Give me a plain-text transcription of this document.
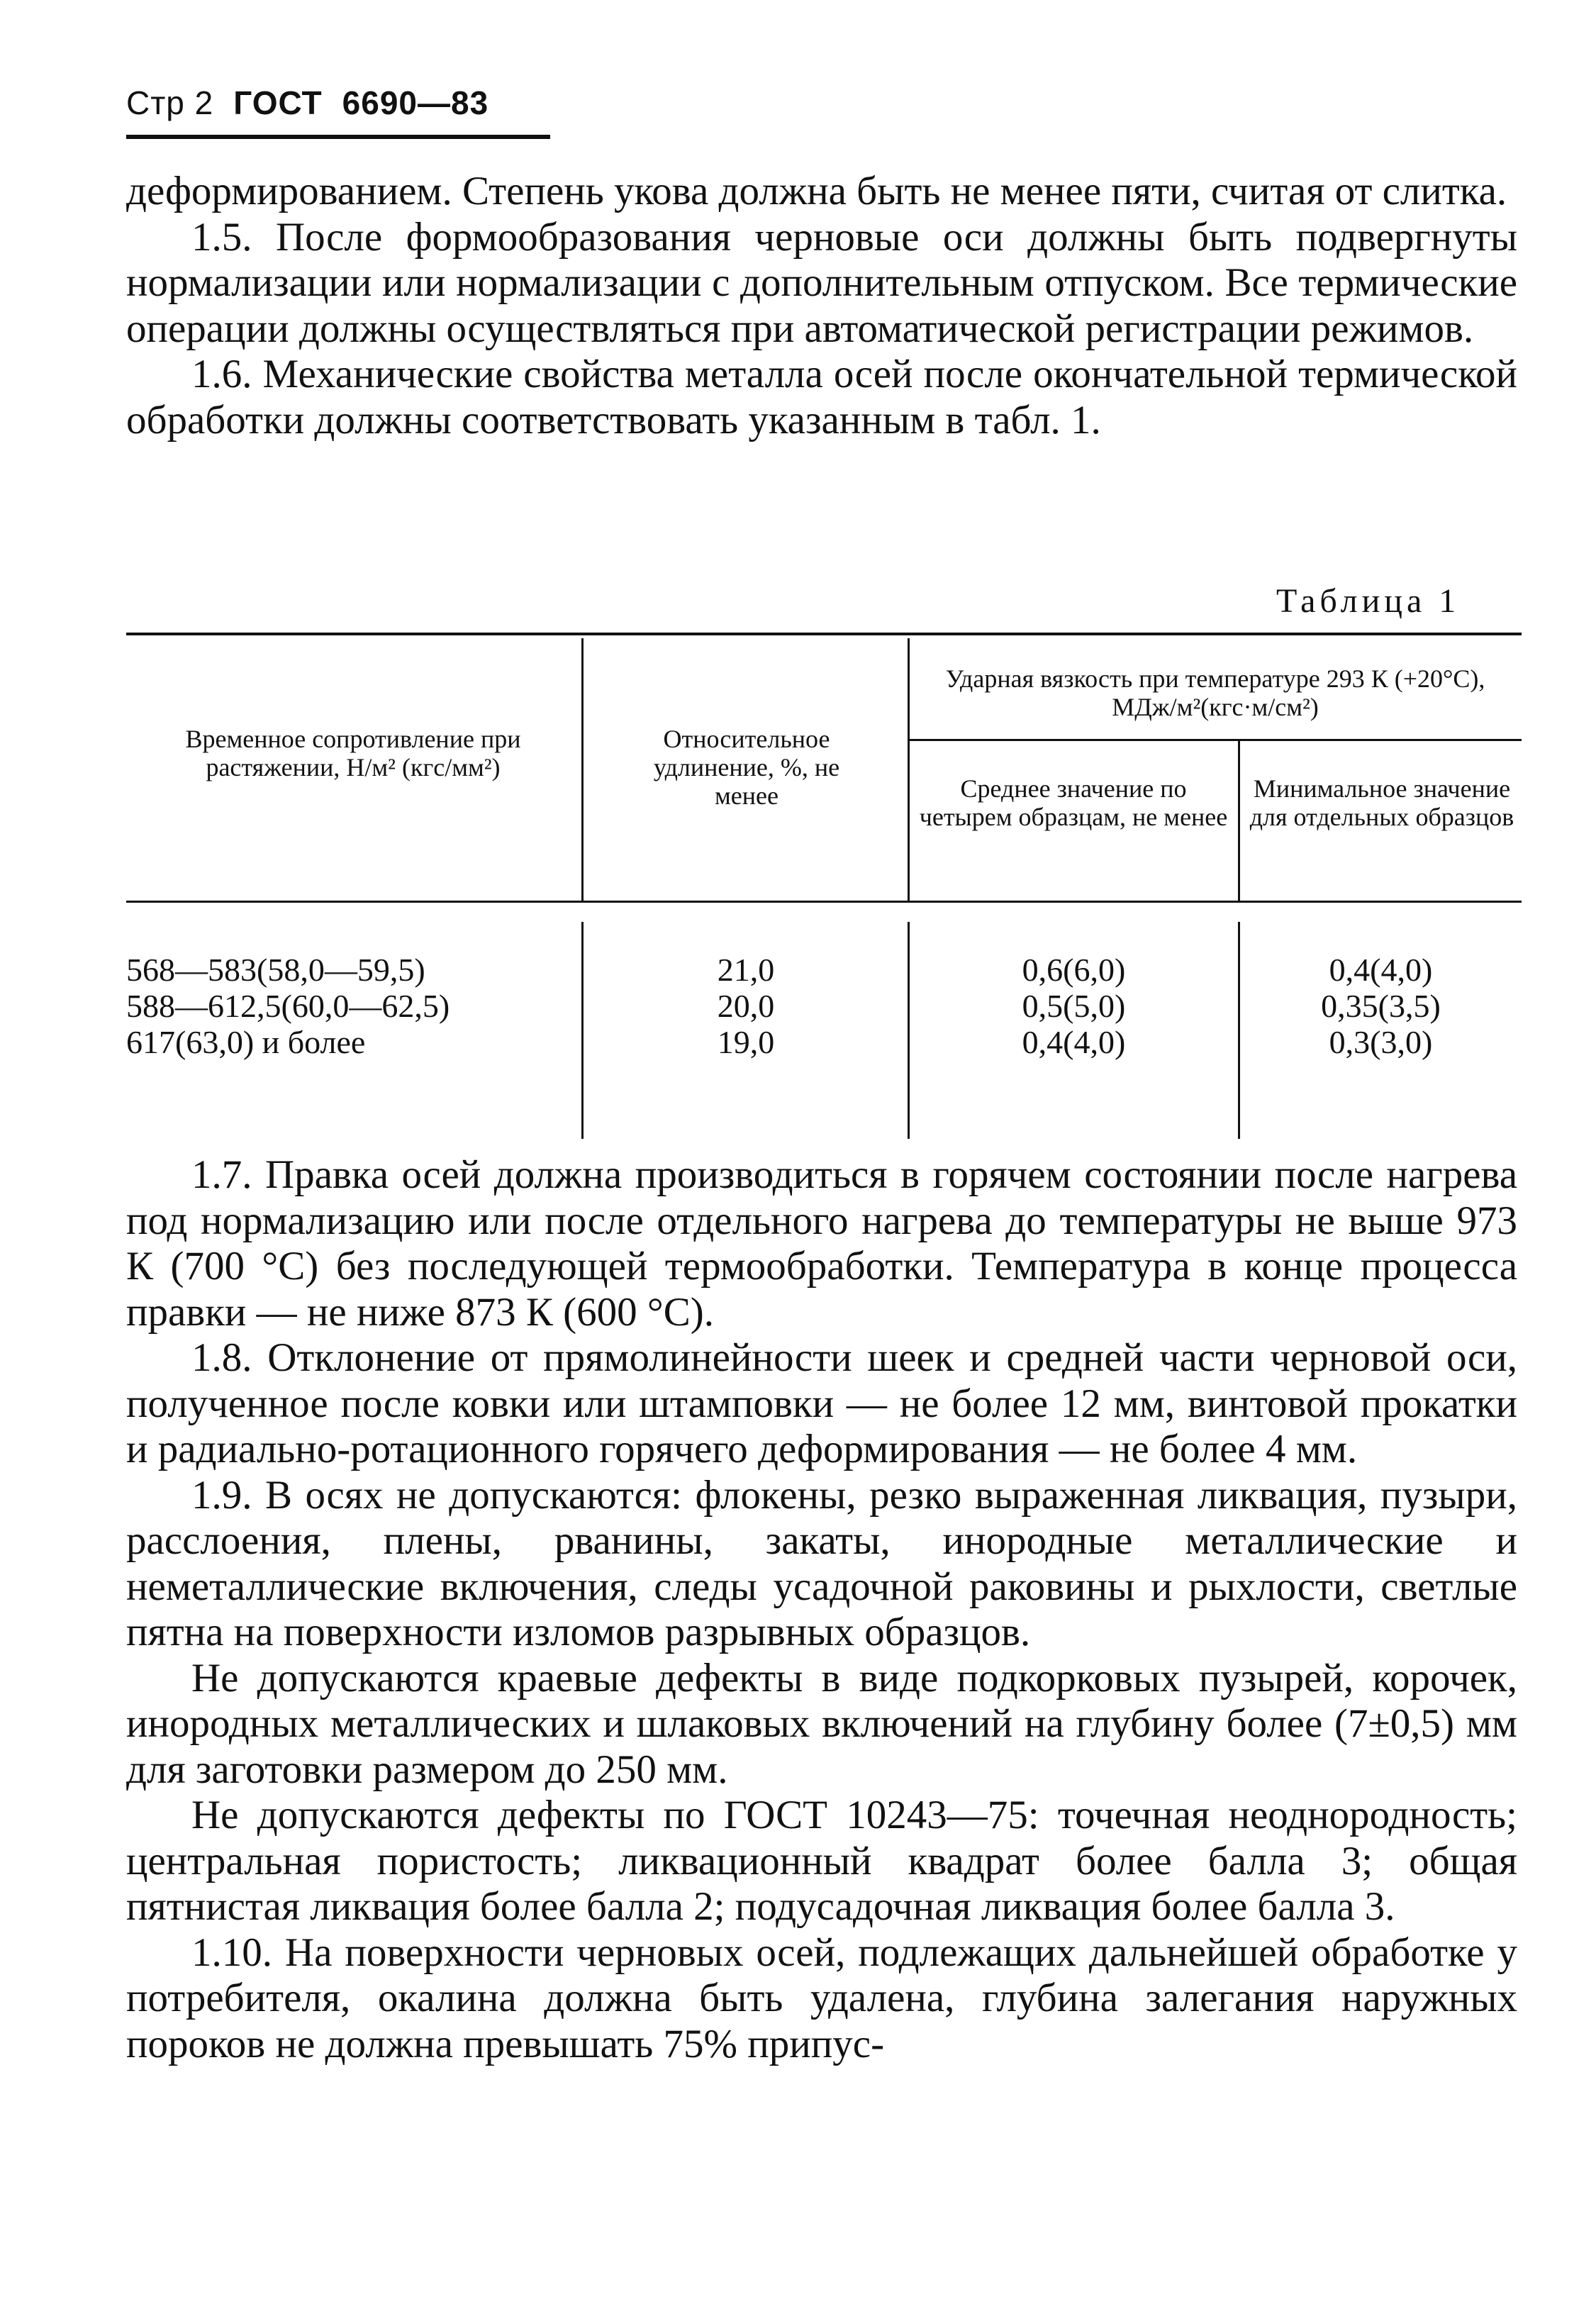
Стр 2 ГОСТ 6690—83

деформированием. Степень укова должна быть не менее пяти, считая от слитка.

1.5. После формообразования черновые оси должны быть подвергнуты нормализации или нормализации с дополнительным отпуском. Все термические операции должны осуществляться при автоматической регистрации режимов.

1.6. Механические свойства металла осей после окончательной термической обработки должны соответствовать указанным в табл. 1.

Таблица 1
Временное сопротивление при растяжении, Н/м² (кгс/мм²)
Относительное удлинение, %, не менее
Ударная вязкость при температуре 293 К (+20°С), МДж/м²(кгс·м/см²)
Среднее значение по четырем образцам, не менее
Минимальное значение для отдельных образцов
568—583(58,0—59,5)
588—612,5(60,0—62,5)
617(63,0) и более
21,0
20,0
19,0
0,6(6,0)
0,5(5,0)
0,4(4,0)
0,4(4,0)
0,35(3,5)
0,3(3,0)

1.7. Правка осей должна производиться в горячем состоянии после нагрева под нормализацию или после отдельного нагрева до температуры не выше 973 К (700 °С) без последующей термообработки. Температура в конце процесса правки — не ниже 873 К (600 °С).

1.8. Отклонение от прямолинейности шеек и средней части черновой оси, полученное после ковки или штамповки — не более 12 мм, винтовой прокатки и радиально-ротационного горячего деформирования — не более 4 мм.

1.9. В осях не допускаются: флокены, резко выраженная ликвация, пузыри, расслоения, плены, рванины, закаты, инородные металлические и неметаллические включения, следы усадочной раковины и рыхлости, светлые пятна на поверхности изломов разрывных образцов.

Не допускаются краевые дефекты в виде подкорковых пузырей, корочек, инородных металлических и шлаковых включений на глубину более (7±0,5) мм для заготовки размером до 250 мм.

Не допускаются дефекты по ГОСТ 10243—75: точечная неоднородность; центральная пористость; ликвационный квадрат более балла 3; общая пятнистая ликвация более балла 2; подусадочная ликвация более балла 3.

1.10. На поверхности черновых осей, подлежащих дальнейшей обработке у потребителя, окалина должна быть удалена, глубина залегания наружных пороков не должна превышать 75% припус-
